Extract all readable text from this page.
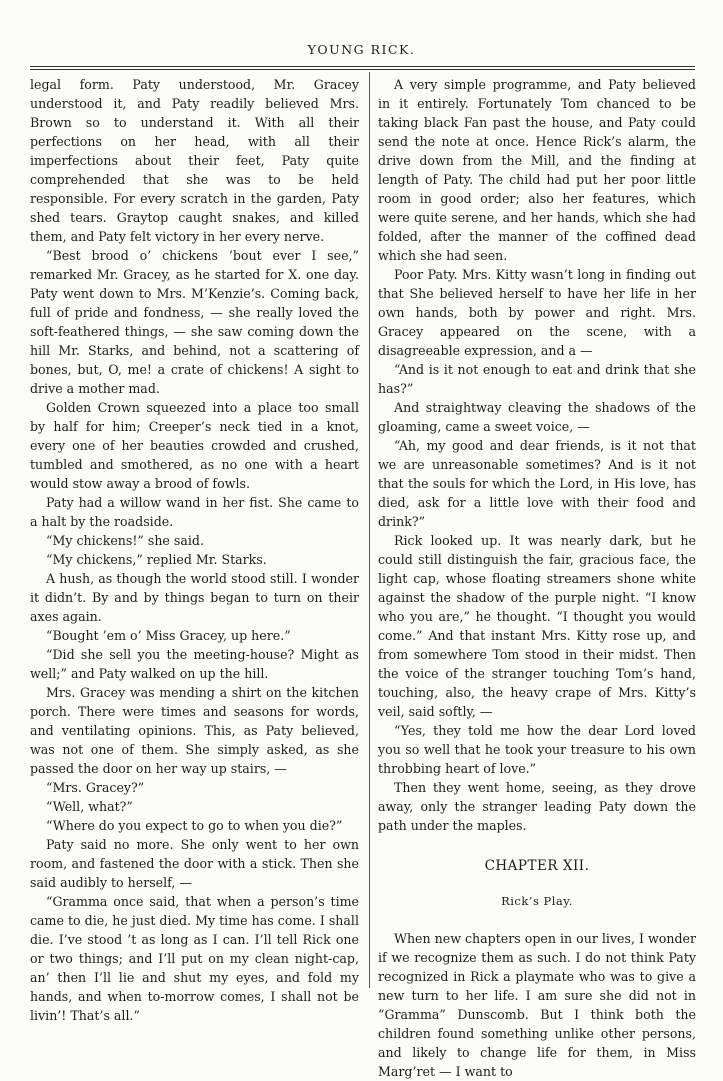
YOUNG RICK.

legal form. Paty understood, Mr. Gracey understood it, and Paty readily believed Mrs. Brown so to understand it. With all their perfections on her head, with all their imperfections about their feet, Paty quite comprehended that she was to be held responsible. For every scratch in the garden, Paty shed tears. Graytop caught snakes, and killed them, and Paty felt victory in her every nerve.

“Best brood o’ chickens ’bout ever I see,” remarked Mr. Gracey, as he started for X. one day. Paty went down to Mrs. M’Kenzie’s. Coming back, full of pride and fondness, — she really loved the soft-feathered things, — she saw coming down the hill Mr. Starks, and behind, not a scattering of bones, but, O, me! a crate of chickens! A sight to drive a mother mad.

Golden Crown squeezed into a place too small by half for him; Creeper’s neck tied in a knot, every one of her beauties crowded and crushed, tumbled and smothered, as no one with a heart would stow away a brood of fowls.

Paty had a willow wand in her fist. She came to a halt by the roadside.

“My chickens!” she said.

“My chickens,” replied Mr. Starks.

A hush, as though the world stood still. I wonder it didn’t. By and by things began to turn on their axes again.

“Bought ’em o’ Miss Gracey, up here.”

“Did she sell you the meeting-house? Might as well;” and Paty walked on up the hill.

Mrs. Gracey was mending a shirt on the kitchen porch. There were times and seasons for words, and ventilating opinions. This, as Paty believed, was not one of them. She simply asked, as she passed the door on her way up stairs, —

“Mrs. Gracey?”

“Well, what?”

“Where do you expect to go to when you die?”

Paty said no more. She only went to her own room, and fastened the door with a stick. Then she said audibly to herself, —

“Gramma once said, that when a person’s time came to die, he just died. My time has come. I shall die. I’ve stood ’t as long as I can. I’ll tell Rick one or two things; and I’ll put on my clean night-cap, an’ then I’ll lie and shut my eyes, and fold my hands, and when to-morrow comes, I shall not be livin’! That’s all.”

A very simple programme, and Paty believed in it entirely. Fortunately Tom chanced to be taking black Fan past the house, and Paty could send the note at once. Hence Rick’s alarm, the drive down from the Mill, and the finding at length of Paty. The child had put her poor little room in good order; also her features, which were quite serene, and her hands, which she had folded, after the manner of the coffined dead which she had seen.

Poor Paty. Mrs. Kitty wasn’t long in finding out that She believed herself to have her life in her own hands, both by power and right. Mrs. Gracey appeared on the scene, with a disagreeable expression, and a —

“And is it not enough to eat and drink that she has?”

And straightway cleaving the shadows of the gloaming, came a sweet voice, —

“Ah, my good and dear friends, is it not that we are unreasonable sometimes? And is it not that the souls for which the Lord, in His love, has died, ask for a little love with their food and drink?”

Rick looked up. It was nearly dark, but he could still distinguish the fair, gracious face, the light cap, whose floating streamers shone white against the shadow of the purple night. “I know who you are,” he thought. “I thought you would come.” And that instant Mrs. Kitty rose up, and from somewhere Tom stood in their midst. Then the voice of the stranger touching Tom’s hand, touching, also, the heavy crape of Mrs. Kitty’s veil, said softly, —

“Yes, they told me how the dear Lord loved you so well that he took your treasure to his own throbbing heart of love.”

Then they went home, seeing, as they drove away, only the stranger leading Paty down the path under the maples.

CHAPTER XII.
Rick’s Play.

When new chapters open in our lives, I wonder if we recognize them as such. I do not think Paty recognized in Rick a playmate who was to give a new turn to her life. I am sure she did not in “Gramma” Dunscomb. But I think both the children found something unlike other persons, and likely to change life for them, in Miss Marg’ret — I want to
